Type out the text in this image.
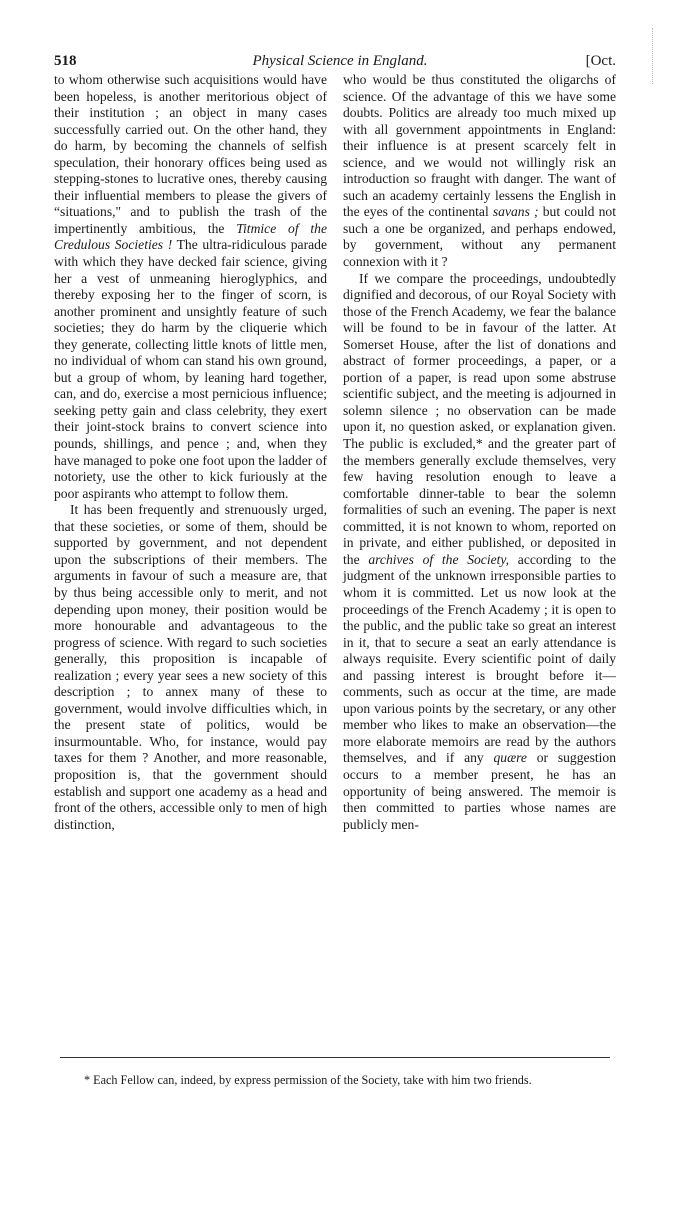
518	Physical Science in England.	[Oct.

to whom otherwise such acquisitions would have been hopeless, is another meritorious object of their institution ; an object in many cases successfully carried out. On the other hand, they do harm, by becoming the channels of selfish speculation, their honorary offices being used as stepping-stones to lucrative ones, thereby causing their influential members to please the givers of “situations," and to publish the trash of the impertinently ambitious, the Titmice of the Credulous Societies ! The ultra-ridiculous parade with which they have decked fair science, giving her a vest of unmeaning hieroglyphics, and thereby exposing her to the finger of scorn, is another prominent and unsightly feature of such societies; they do harm by the cliquerie which they generate, collecting little knots of little men, no individual of whom can stand his own ground, but a group of whom, by leaning hard together, can, and do, exercise a most pernicious influence; seeking petty gain and class celebrity, they exert their joint-stock brains to convert science into pounds, shillings, and pence ; and, when they have managed to poke one foot upon the ladder of notoriety, use the other to kick furiously at the poor aspirants who attempt to follow them.

It has been frequently and strenuously urged, that these societies, or some of them, should be supported by government, and not dependent upon the subscriptions of their members. The arguments in favour of such a measure are, that by thus being accessible only to merit, and not depending upon money, their position would be more honourable and advantageous to the progress of science. With regard to such societies generally, this proposition is incapable of realization ; every year sees a new society of this description ; to annex many of these to government, would involve difficulties which, in the present state of politics, would be insurmountable. Who, for instance, would pay taxes for them ? Another, and more reasonable, proposition is, that the government should establish and support one academy as a head and front of the others, accessible only to men of high distinction,

who would be thus constituted the oligarchs of science. Of the advantage of this we have some doubts. Politics are already too much mixed up with all government appointments in England: their influence is at present scarcely felt in science, and we would not willingly risk an introduction so fraught with danger. The want of such an academy certainly lessens the English in the eyes of the continental savans ; but could not such a one be organized, and perhaps endowed, by government, without any permanent connexion with it ?

If we compare the proceedings, undoubtedly dignified and decorous, of our Royal Society with those of the French Academy, we fear the balance will be found to be in favour of the latter. At Somerset House, after the list of donations and abstract of former proceedings, a paper, or a portion of a paper, is read upon some abstruse scientific subject, and the meeting is adjourned in solemn silence ; no observation can be made upon it, no question asked, or explanation given. The public is excluded,* and the greater part of the members generally exclude themselves, very few having resolution enough to leave a comfortable dinner-table to bear the solemn formalities of such an evening. The paper is next committed, it is not known to whom, reported on in private, and either published, or deposited in the archives of the Society, according to the judgment of the unknown irresponsible parties to whom it is committed. Let us now look at the proceedings of the French Academy ; it is open to the public, and the public take so great an interest in it, that to secure a seat an early attendance is always requisite. Every scientific point of daily and passing interest is brought before it—comments, such as occur at the time, are made upon various points by the secretary, or any other member who likes to make an observation—the more elaborate memoirs are read by the authors themselves, and if any quære or suggestion occurs to a member present, he has an opportunity of being answered. The memoir is then committed to parties whose names are publicly men-

* Each Fellow can, indeed, by express permission of the Society, take with him two friends.
